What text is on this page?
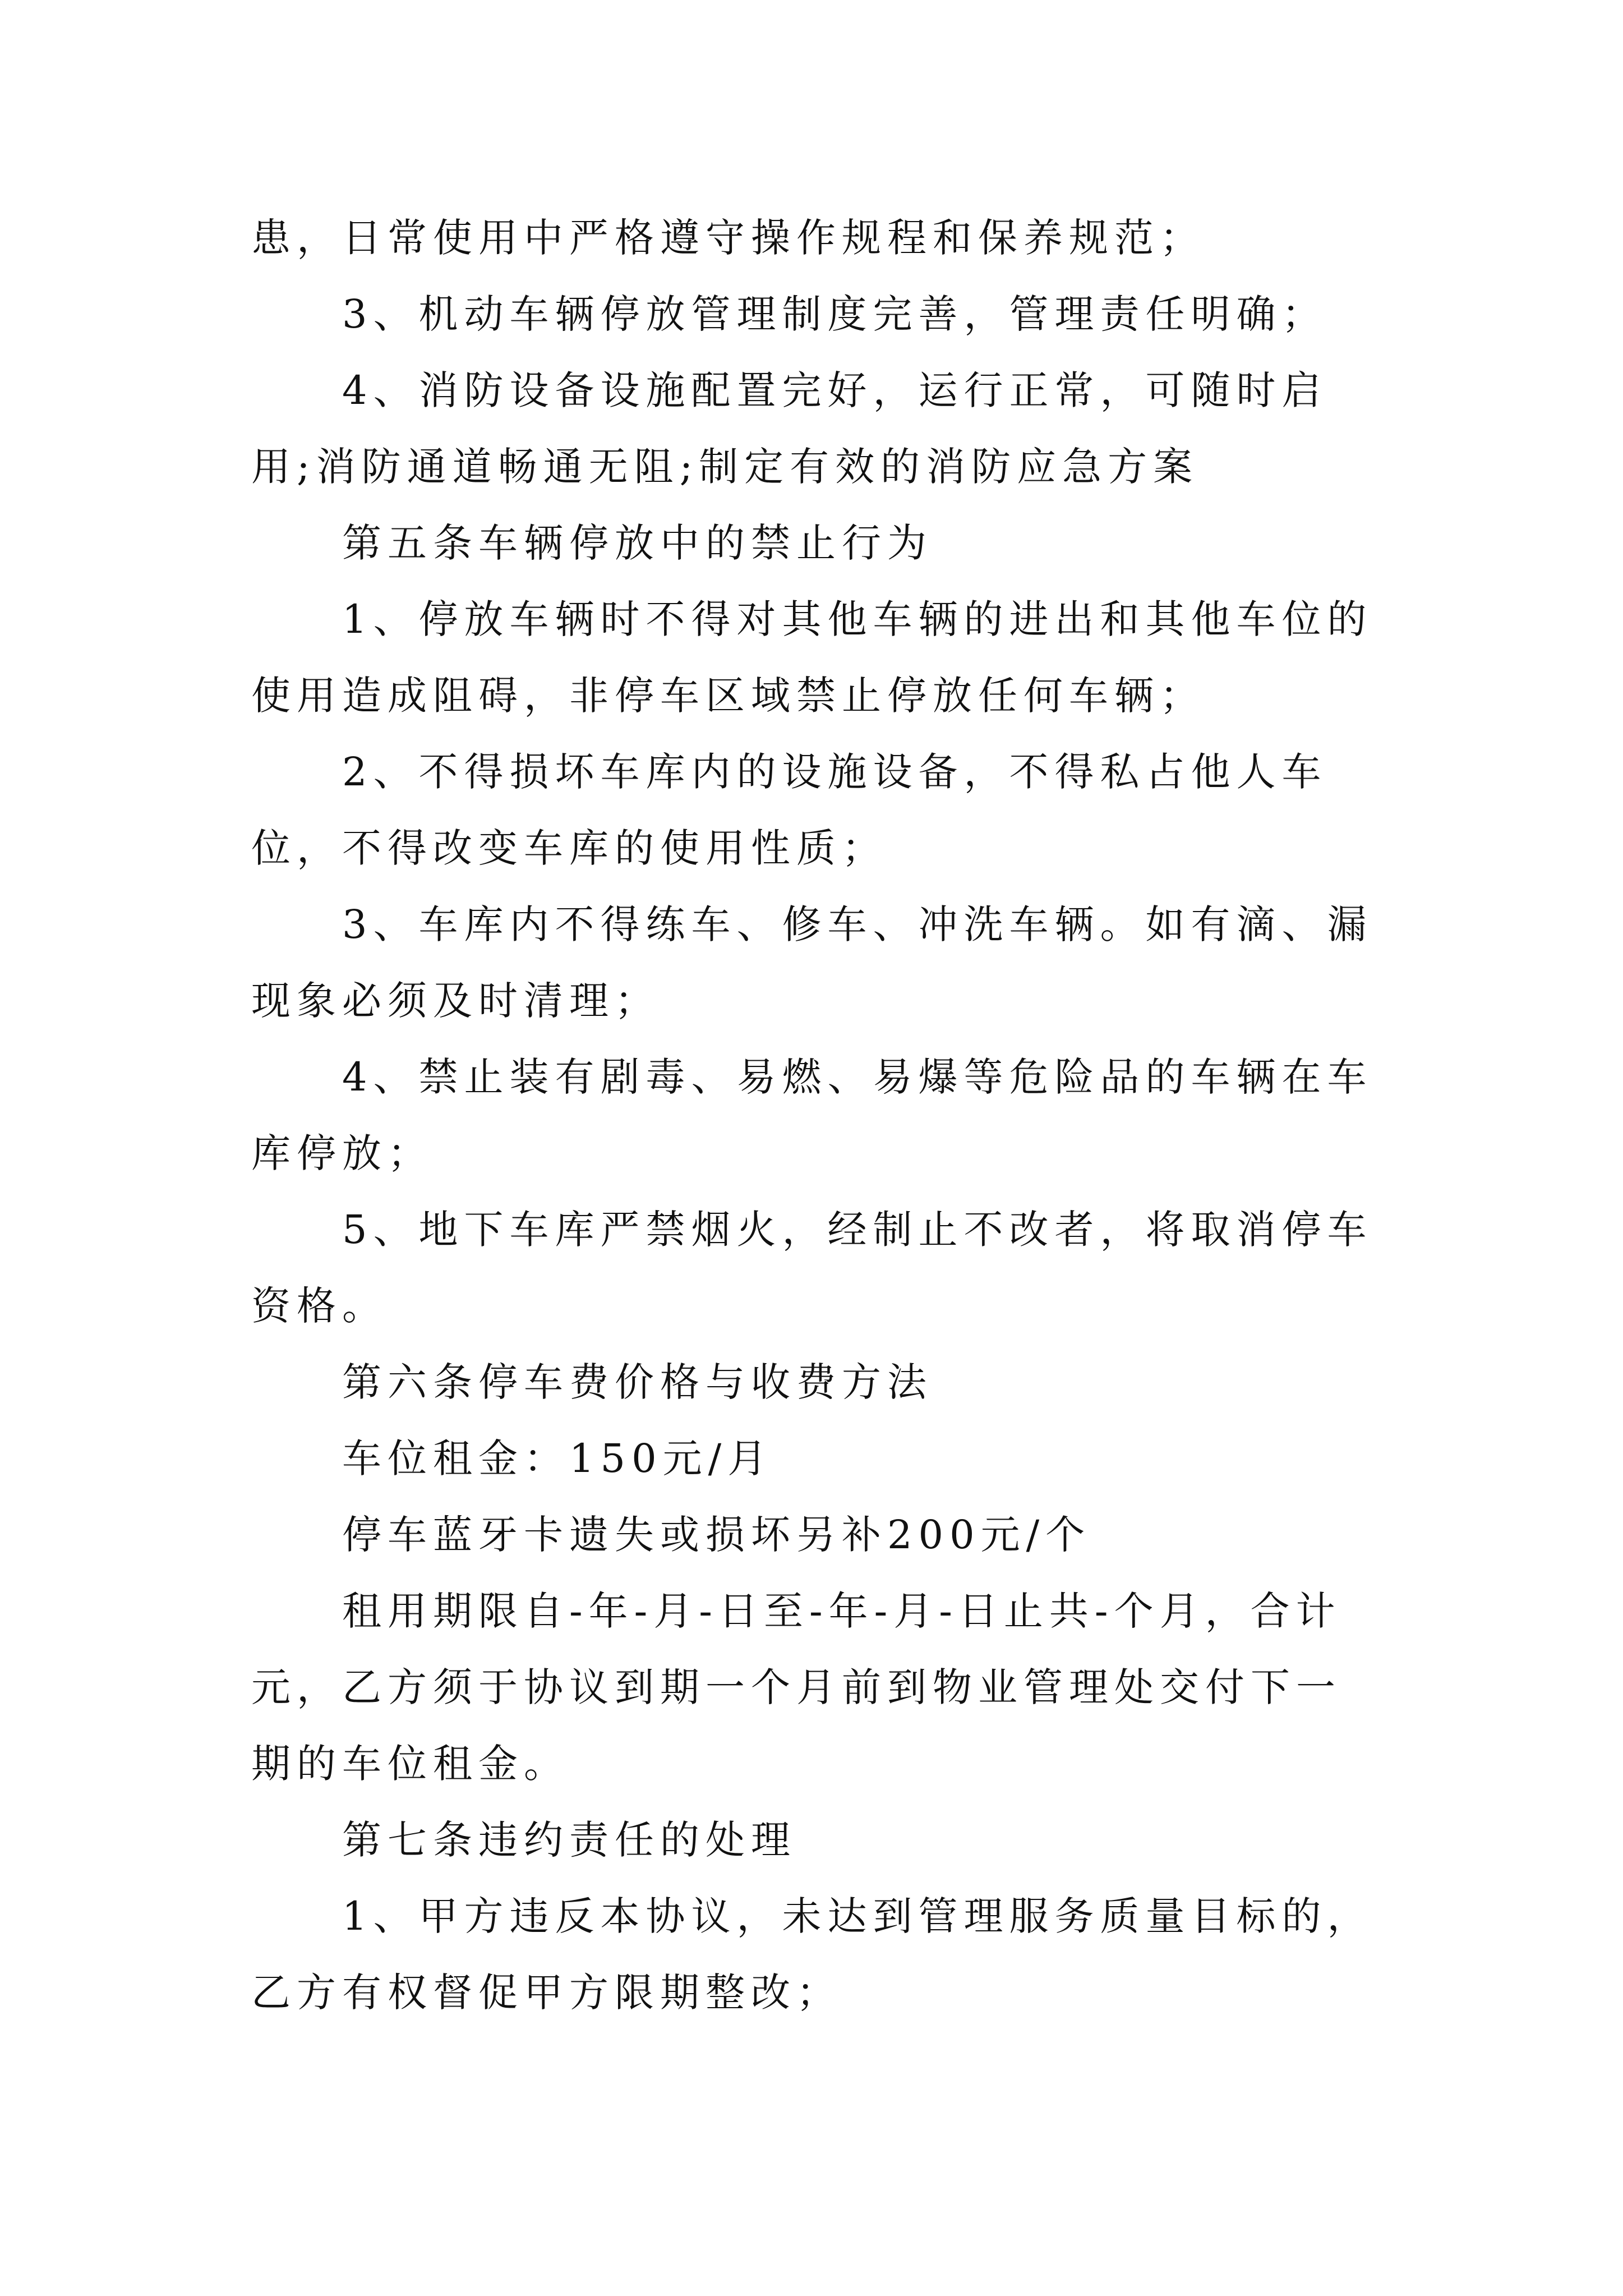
患，日常使用中严格遵守操作规程和保养规范；

3、机动车辆停放管理制度完善，管理责任明确；

4、消防设备设施配置完好，运行正常，可随时启用;消防通道畅通无阻;制定有效的消防应急方案

第五条车辆停放中的禁止行为

1、停放车辆时不得对其他车辆的进出和其他车位的使用造成阻碍，非停车区域禁止停放任何车辆；

2、不得损坏车库内的设施设备，不得私占他人车位，不得改变车库的使用性质；

3、车库内不得练车、修车、冲洗车辆。如有滴、漏现象必须及时清理；

4、禁止装有剧毒、易燃、易爆等危险品的车辆在车库停放；

5、地下车库严禁烟火，经制止不改者，将取消停车资格。

第六条停车费价格与收费方法

车位租金：150元/月

停车蓝牙卡遗失或损坏另补200元/个

租用期限自-年-月-日至-年-月-日止共-个月，合计元，乙方须于协议到期一个月前到物业管理处交付下一期的车位租金。

第七条违约责任的处理

1、甲方违反本协议，未达到管理服务质量目标的，乙方有权督促甲方限期整改；
